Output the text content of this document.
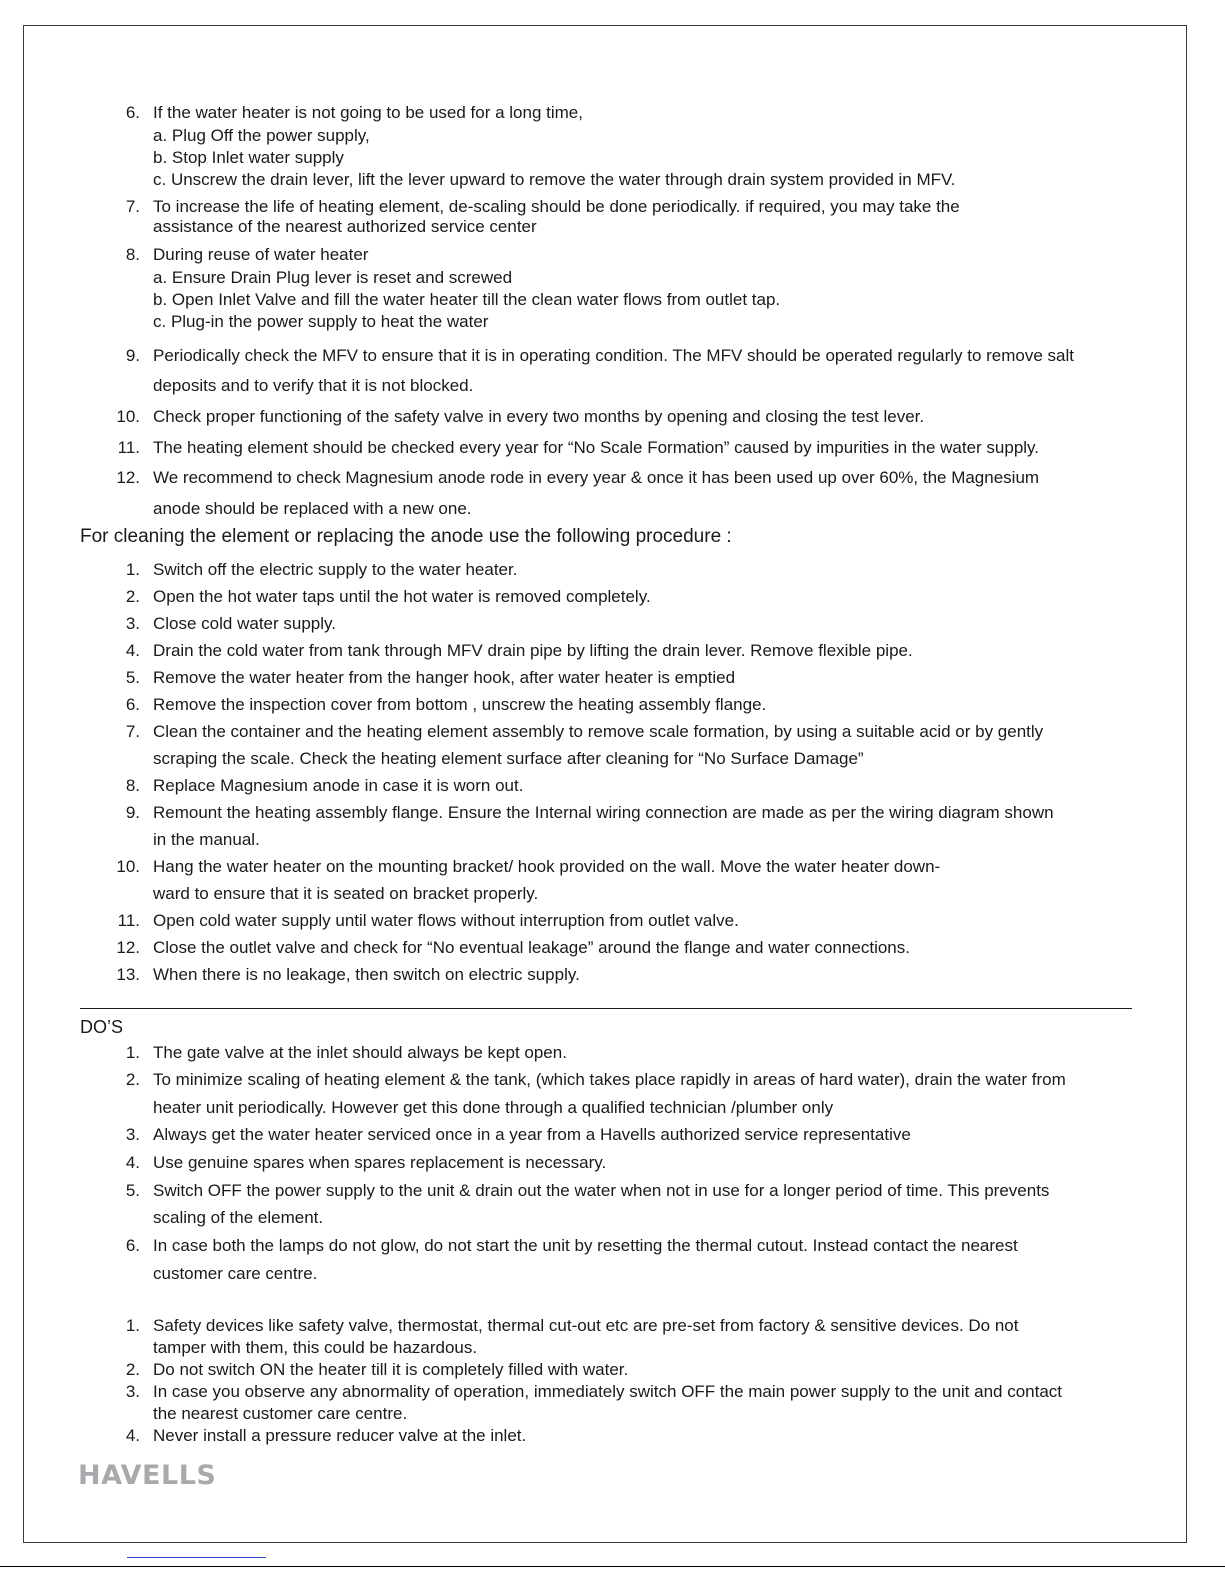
6. If the water heater is not going to be used for a long time,
a. Plug Off the power supply,
b. Stop Inlet water supply
c. Unscrew the drain lever, lift the lever upward to remove the water through drain system provided in MFV.
7. To increase the life of heating element, de-scaling should be done periodically. if required, you may take the
assistance of the nearest authorized service center
8. During reuse of water heater
a. Ensure Drain Plug lever is reset and screwed
b. Open Inlet Valve and fill the water heater till the clean water flows from outlet tap.
c. Plug-in the power supply to heat the water
9. Periodically check the MFV to ensure that it is in operating condition. The MFV should be operated regularly to remove salt
deposits and to verify that it is not blocked.
10. Check proper functioning of the safety valve in every two months by opening and closing the test lever.
11. The heating element should be checked every year for “No Scale Formation” caused by impurities in the water supply.
12. We recommend to check Magnesium anode rode in every year & once it has been used up over 60%, the Magnesium
anode should be replaced with a new one.
For cleaning the element or replacing the anode use the following procedure :
1. Switch off the electric supply to the water heater.
2. Open the hot water taps until the hot water is removed completely.
3. Close cold water supply.
4. Drain the cold water from tank through MFV drain pipe by lifting the drain lever. Remove flexible pipe.
5. Remove the water heater from the hanger hook, after water heater is emptied
6. Remove the inspection cover from bottom , unscrew the heating assembly flange.
7. Clean the container and the heating element assembly to remove scale formation, by using a suitable acid or by gently
scraping the scale. Check the heating element surface after cleaning for “No Surface Damage”
8. Replace Magnesium anode in case it is worn out.
9. Remount the heating assembly flange. Ensure the Internal wiring connection are made as per the wiring diagram shown
in the manual.
10. Hang the water heater on the mounting bracket/ hook provided on the wall. Move the water heater down-
ward to ensure that it is seated on bracket properly.
11. Open cold water supply until water flows without interruption from outlet valve.
12. Close the outlet valve and check for “No eventual leakage” around the flange and water connections.
13. When there is no leakage, then switch on electric supply.
DO’S
1. The gate valve at the inlet should always be kept open.
2. To minimize scaling of heating element & the tank, (which takes place rapidly in areas of hard water), drain the water from
heater unit periodically. However get this done through a qualified technician /plumber only
3. Always get the water heater serviced once in a year from a Havells authorized service representative
4. Use genuine spares when spares replacement is necessary.
5. Switch OFF the power supply to the unit & drain out the water when not in use for a longer period of time. This prevents
scaling of the element.
6. In case both the lamps do not glow, do not start the unit by resetting the thermal cutout. Instead contact the nearest
customer care centre.
1. Safety devices like safety valve, thermostat, thermal cut-out etc are pre-set from factory & sensitive devices. Do not
tamper with them, this could be hazardous.
2. Do not switch ON the heater till it is completely filled with water.
3. In case you observe any abnormality of operation, immediately switch OFF the main power supply to the unit and contact
the nearest customer care centre.
4. Never install a pressure reducer valve at the inlet.
HAVELLS
